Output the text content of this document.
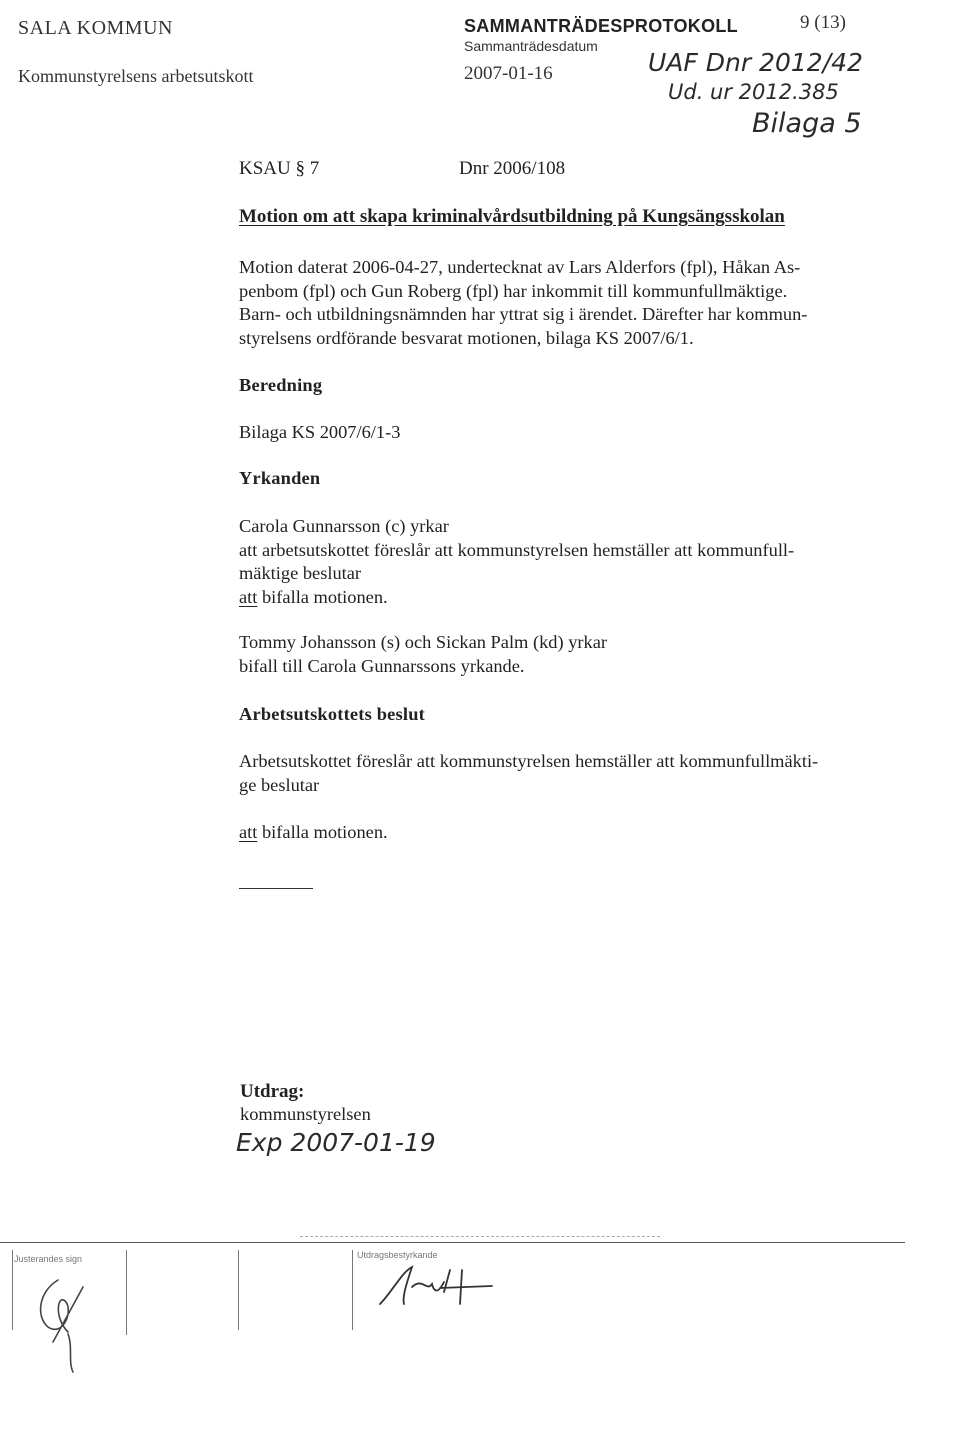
SALA KOMMUN
Kommunstyrelsens arbetsutskott
SAMMANTRÄDESPROTOKOLL
Sammanträdesdatum
2007-01-16
9 (13)
UAF Dnr 2012/42
Ud. ur 2012.385
Bilaga 5
KSAU § 7	Dnr 2006/108
Motion om att skapa kriminalvårdsutbildning på Kungsängsskolan
Motion daterat 2006-04-27, undertecknat av Lars Alderfors (fpl), Håkan As-
penbom (fpl) och Gun Roberg (fpl) har inkommit till kommunfullmäktige.
Barn- och utbildningsnämnden har yttrat sig i ärendet. Därefter har kommun-
styrelsens ordförande besvarat motionen, bilaga KS 2007/6/1.
Beredning
Bilaga KS 2007/6/1-3
Yrkanden
Carola Gunnarsson (c) yrkar
att arbetsutskottet föreslår att kommunstyrelsen hemställer att kommunfull-
mäktige beslutar
att bifalla motionen.
Tommy Johansson (s) och Sickan Palm (kd) yrkar
bifall till Carola Gunnarssons yrkande.
Arbetsutskottets beslut
Arbetsutskottet föreslår att kommunstyrelsen hemställer att kommunfullmäkti-
ge beslutar
att bifalla motionen.
Utdrag:
kommunstyrelsen
Exp 2007-01-19
Justerandes sign	Utdragsbestyrkande
